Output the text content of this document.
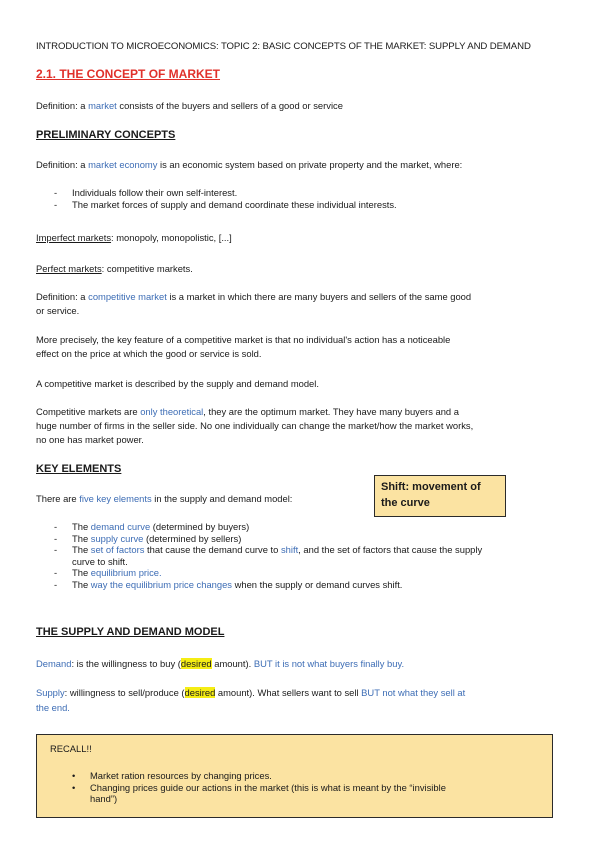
INTRODUCTION TO MICROECONOMICS: TOPIC 2: BASIC CONCEPTS OF THE MARKET: SUPPLY AND DEMAND

2.1. THE CONCEPT OF MARKET

Definition: a market consists of the buyers and sellers of a good or service

PRELIMINARY CONCEPTS

Definition: a market economy is an economic system based on private property and the market, where:

- Individuals follow their own self-interest.
- The market forces of supply and demand coordinate these individual interests.

Imperfect markets: monopoly, monopolistic, [...]

Perfect markets: competitive markets.

Definition: a competitive market is a market in which there are many buyers and sellers of the same good

or service.

More precisely, the key feature of a competitive market is that no individual's action has a noticeable

effect on the price at which the good or service is sold.

A competitive market is described by the supply and demand model.

Competitive markets are only theoretical, they are the optimum market. They have many buyers and a

huge number of firms in the seller side. No one individually can change the market/how the market works,

no one has market power.

KEY ELEMENTS

There are five key elements in the supply and demand model:

Shift: movement of the curve
- The demand curve (determined by buyers)
- The supply curve (determined by sellers)
- The set of factors that cause the demand curve to shift, and the set of factors that cause the supply
curve to shift.
- The equilibrium price.
- The way the equilibrium price changes when the supply or demand curves shift.

THE SUPPLY AND DEMAND MODEL

Demand: is the willingness to buy (desired amount). BUT it is not what buyers finally buy.

Supply: willingness to sell/produce (desired amount). What sellers want to sell BUT not what they sell at

the end.

RECALL!!

• Market ration resources by changing prices.
• Changing prices guide our actions in the market (this is what is meant by the “invisible
hand”)
